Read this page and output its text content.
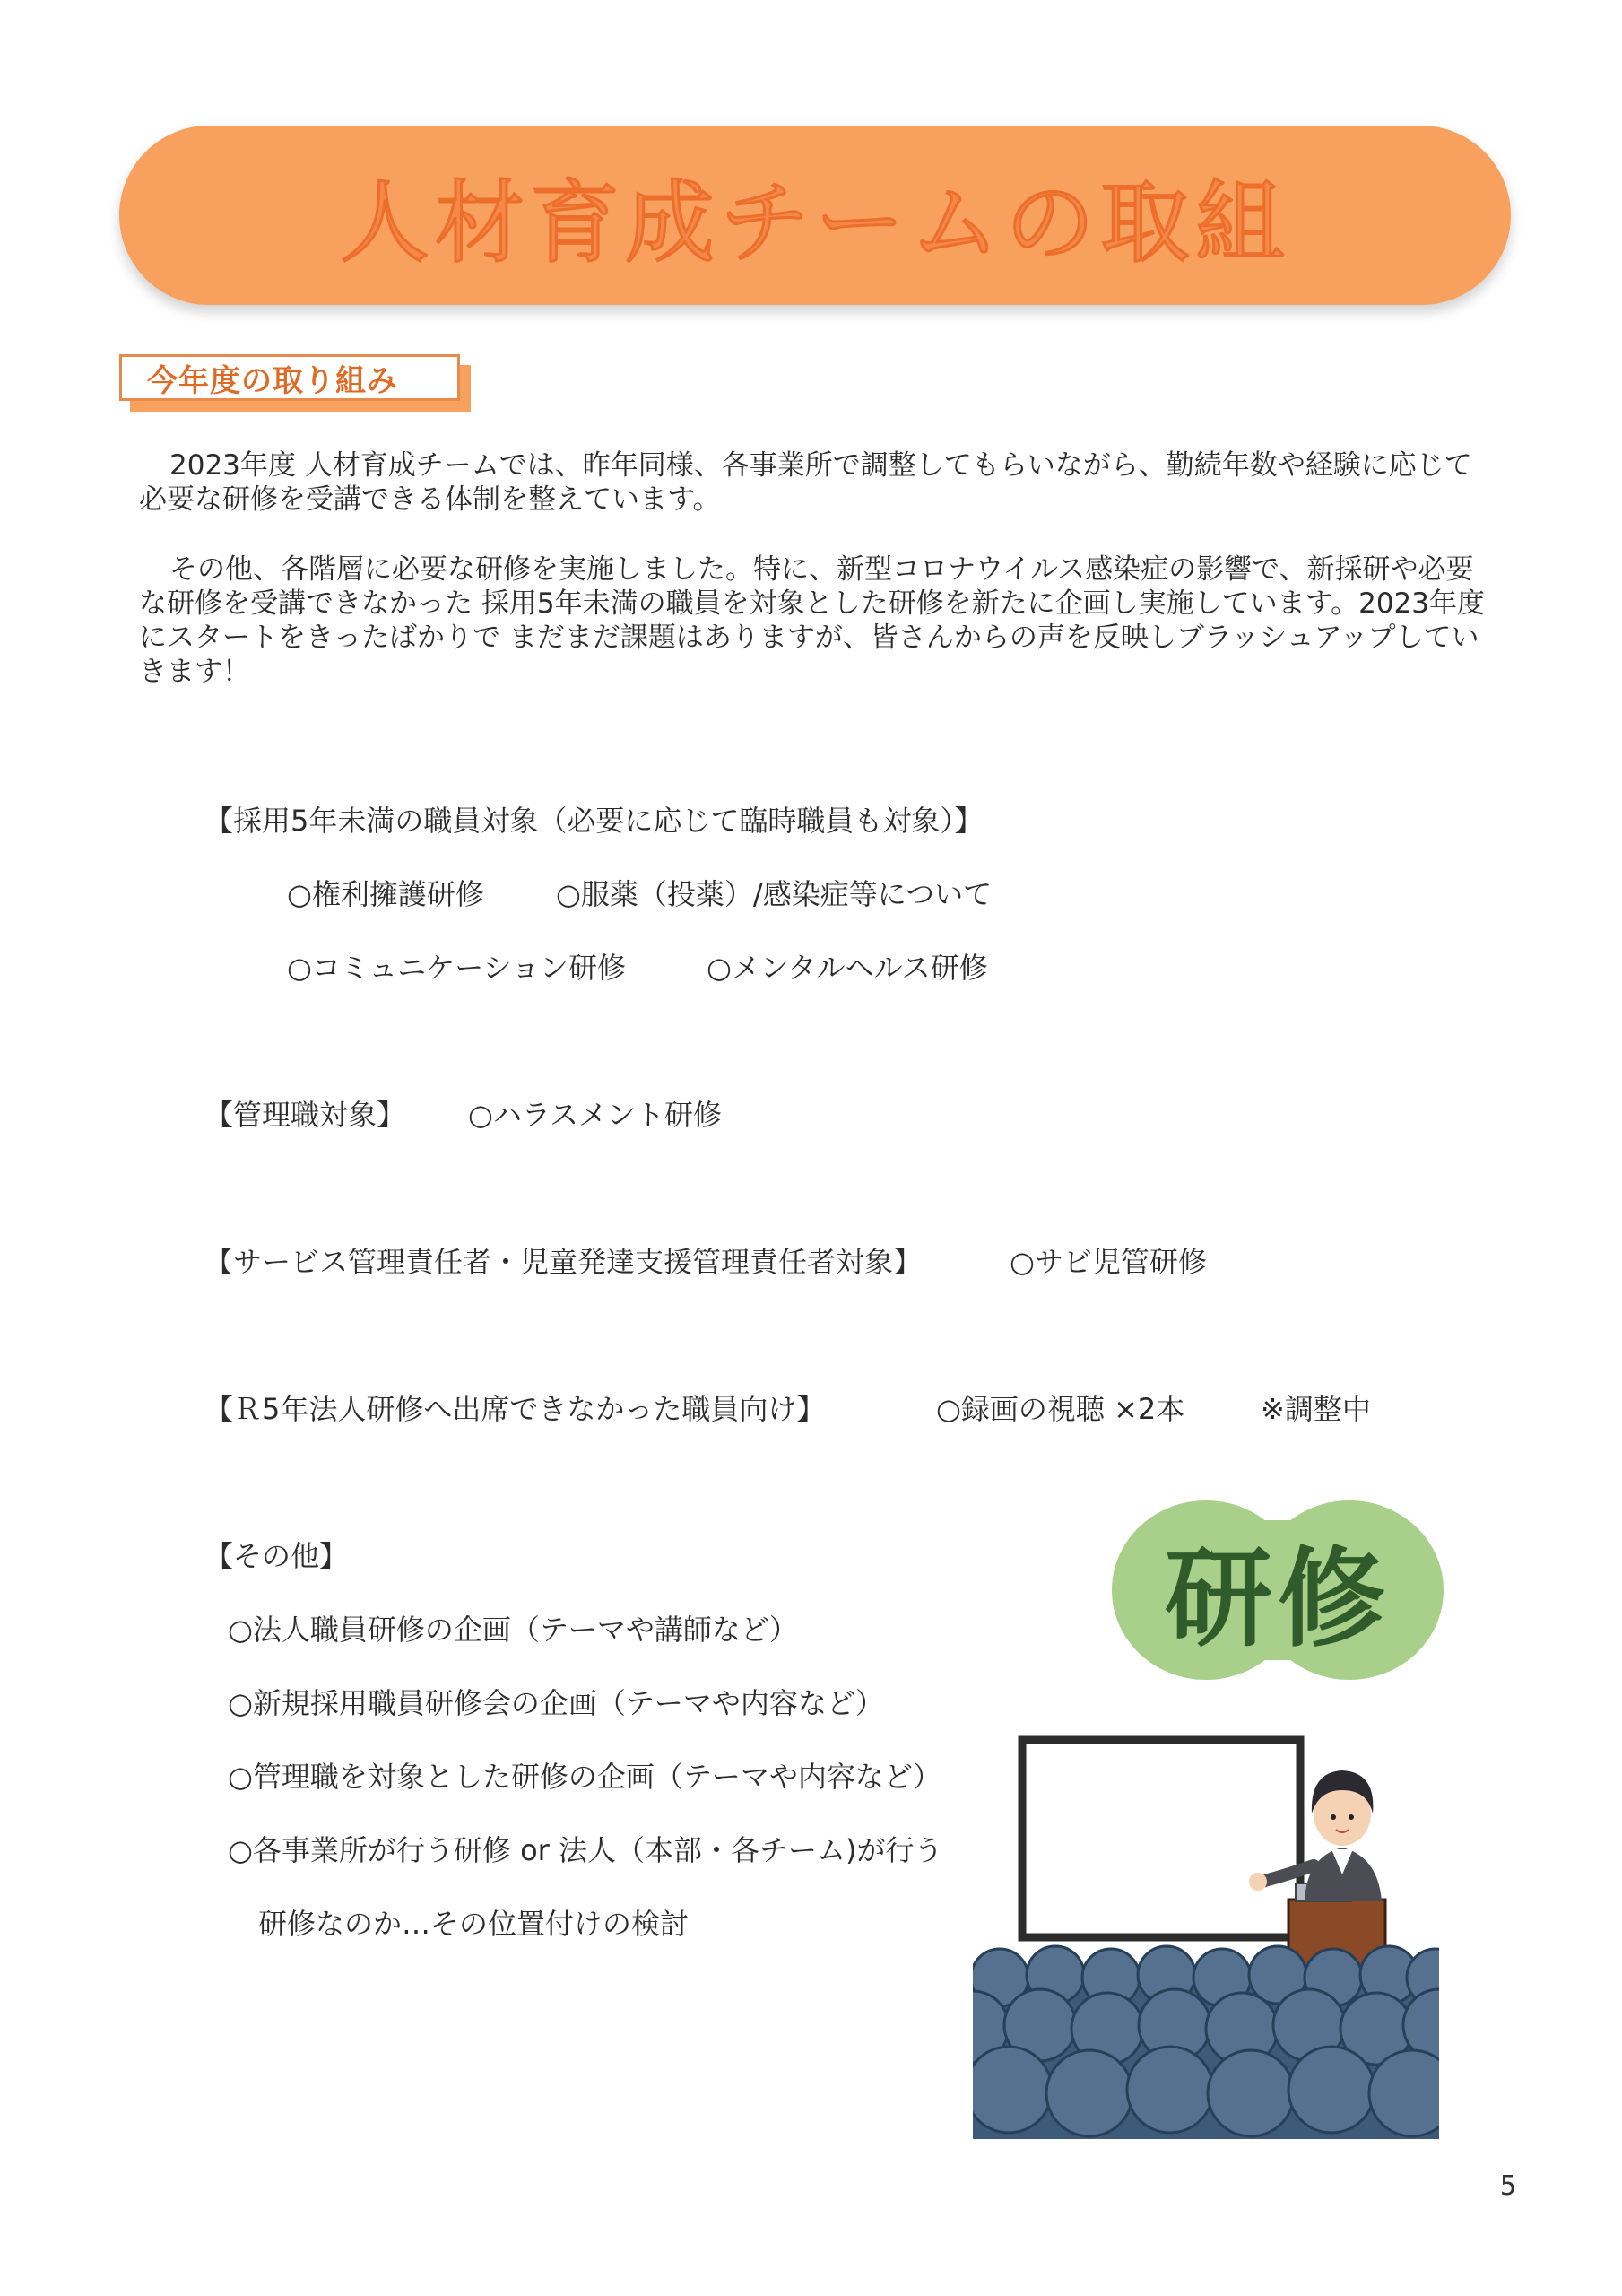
人材育成チームの取組
今年度の取り組み

2023年度 人材育成チームでは、昨年同様、各事業所で調整してもらいながら、勤続年数や経験に応じて必要な研修を受講できる体制を整えています。

その他、各階層に必要な研修を実施しました。特に、新型コロナウイルス感染症の影響で、新採研や必要な研修を受講できなかった 採用5年未満の職員を対象とした研修を新たに企画し実施しています。2023年度にスタートをきったばかりで まだまだ課題はありますが、皆さんからの声を反映しブラッシュアップしていきます！

【採用5年未満の職員対象（必要に応じて臨時職員も対象）】
○権利擁護研修	○服薬（投薬）/感染症等について
○コミュニケーション研修	○メンタルヘルス研修
【管理職対象】 ○ハラスメント研修
【サービス管理責任者・児童発達支援管理責任者対象】	○サビ児管研修
【Ｒ5年法人研修へ出席できなかった職員向け】	○録画の視聴 ×2本	※調整中
【その他】
○法人職員研修の企画（テーマや講師など）
○新規採用職員研修会の企画（テーマや内容など）
○管理職を対象とした研修の企画（テーマや内容など）
○各事業所が行う研修 or 法人（本部・各チーム)が行う
研修なのか…その位置付けの検討
研修
5
